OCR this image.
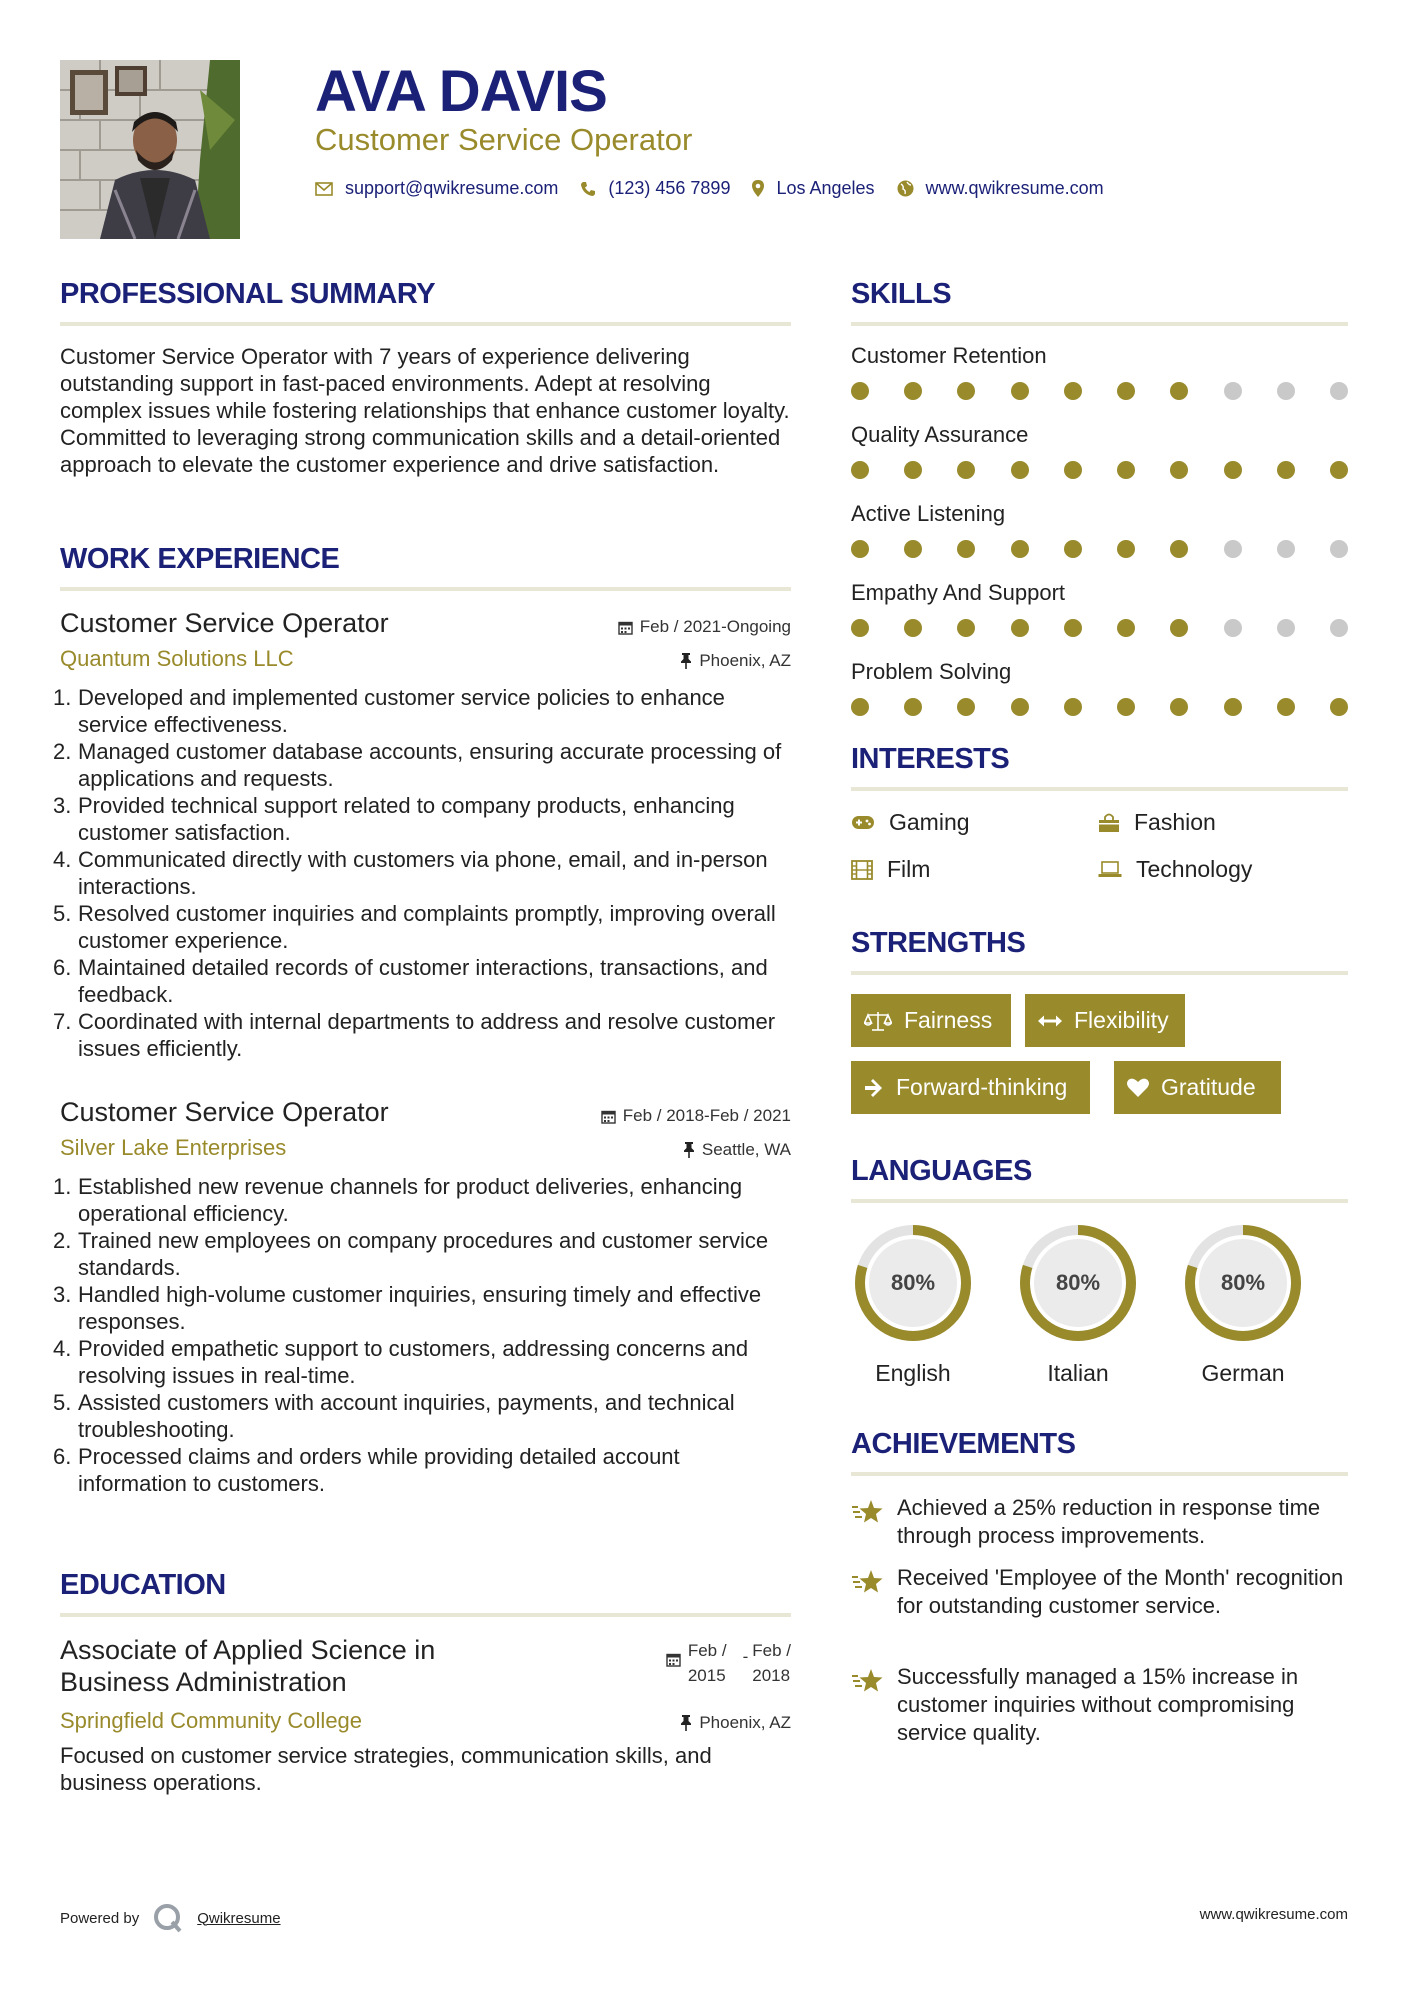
AVA DAVIS
Customer Service Operator
support@qwikresume.com	(123) 456 7899	Los Angeles	www.qwikresume.com
PROFESSIONAL SUMMARY
Customer Service Operator with 7 years of experience delivering outstanding support in fast-paced environments. Adept at resolving complex issues while fostering relationships that enhance customer loyalty. Committed to leveraging strong communication skills and a detail-oriented approach to elevate the customer experience and drive satisfaction.
WORK EXPERIENCE
Customer Service Operator	Feb / 2021-Ongoing
Quantum Solutions LLC	Phoenix, AZ
1. Developed and implemented customer service policies to enhance service effectiveness.
2. Managed customer database accounts, ensuring accurate processing of applications and requests.
3. Provided technical support related to company products, enhancing customer satisfaction.
4. Communicated directly with customers via phone, email, and in-person interactions.
5. Resolved customer inquiries and complaints promptly, improving overall customer experience.
6. Maintained detailed records of customer interactions, transactions, and feedback.
7. Coordinated with internal departments to address and resolve customer issues efficiently.
Customer Service Operator	Feb / 2018-Feb / 2021
Silver Lake Enterprises	Seattle, WA
1. Established new revenue channels for product deliveries, enhancing operational efficiency.
2. Trained new employees on company procedures and customer service standards.
3. Handled high-volume customer inquiries, ensuring timely and effective responses.
4. Provided empathetic support to customers, addressing concerns and resolving issues in real-time.
5. Assisted customers with account inquiries, payments, and technical troubleshooting.
6. Processed claims and orders while providing detailed account information to customers.
EDUCATION
Associate of Applied Science in Business Administration
Feb /
2015
- Feb /
2018
Springfield Community College	Phoenix, AZ
Focused on customer service strategies, communication skills, and business operations.
SKILLS
Customer Retention
Quality Assurance
Active Listening
Empathy And Support
Problem Solving
INTERESTS
Gaming	Fashion
Film	Technology
STRENGTHS
Fairness	Flexibility
Forward-thinking	Gratitude
LANGUAGES
80%
English
80%
Italian
80%
German
ACHIEVEMENTS
Achieved a 25% reduction in response time through process improvements.
Received 'Employee of the Month' recognition for outstanding customer service.
Successfully managed a 15% increase in customer inquiries without compromising service quality.
Powered by	Qwikresume	www.qwikresume.com
